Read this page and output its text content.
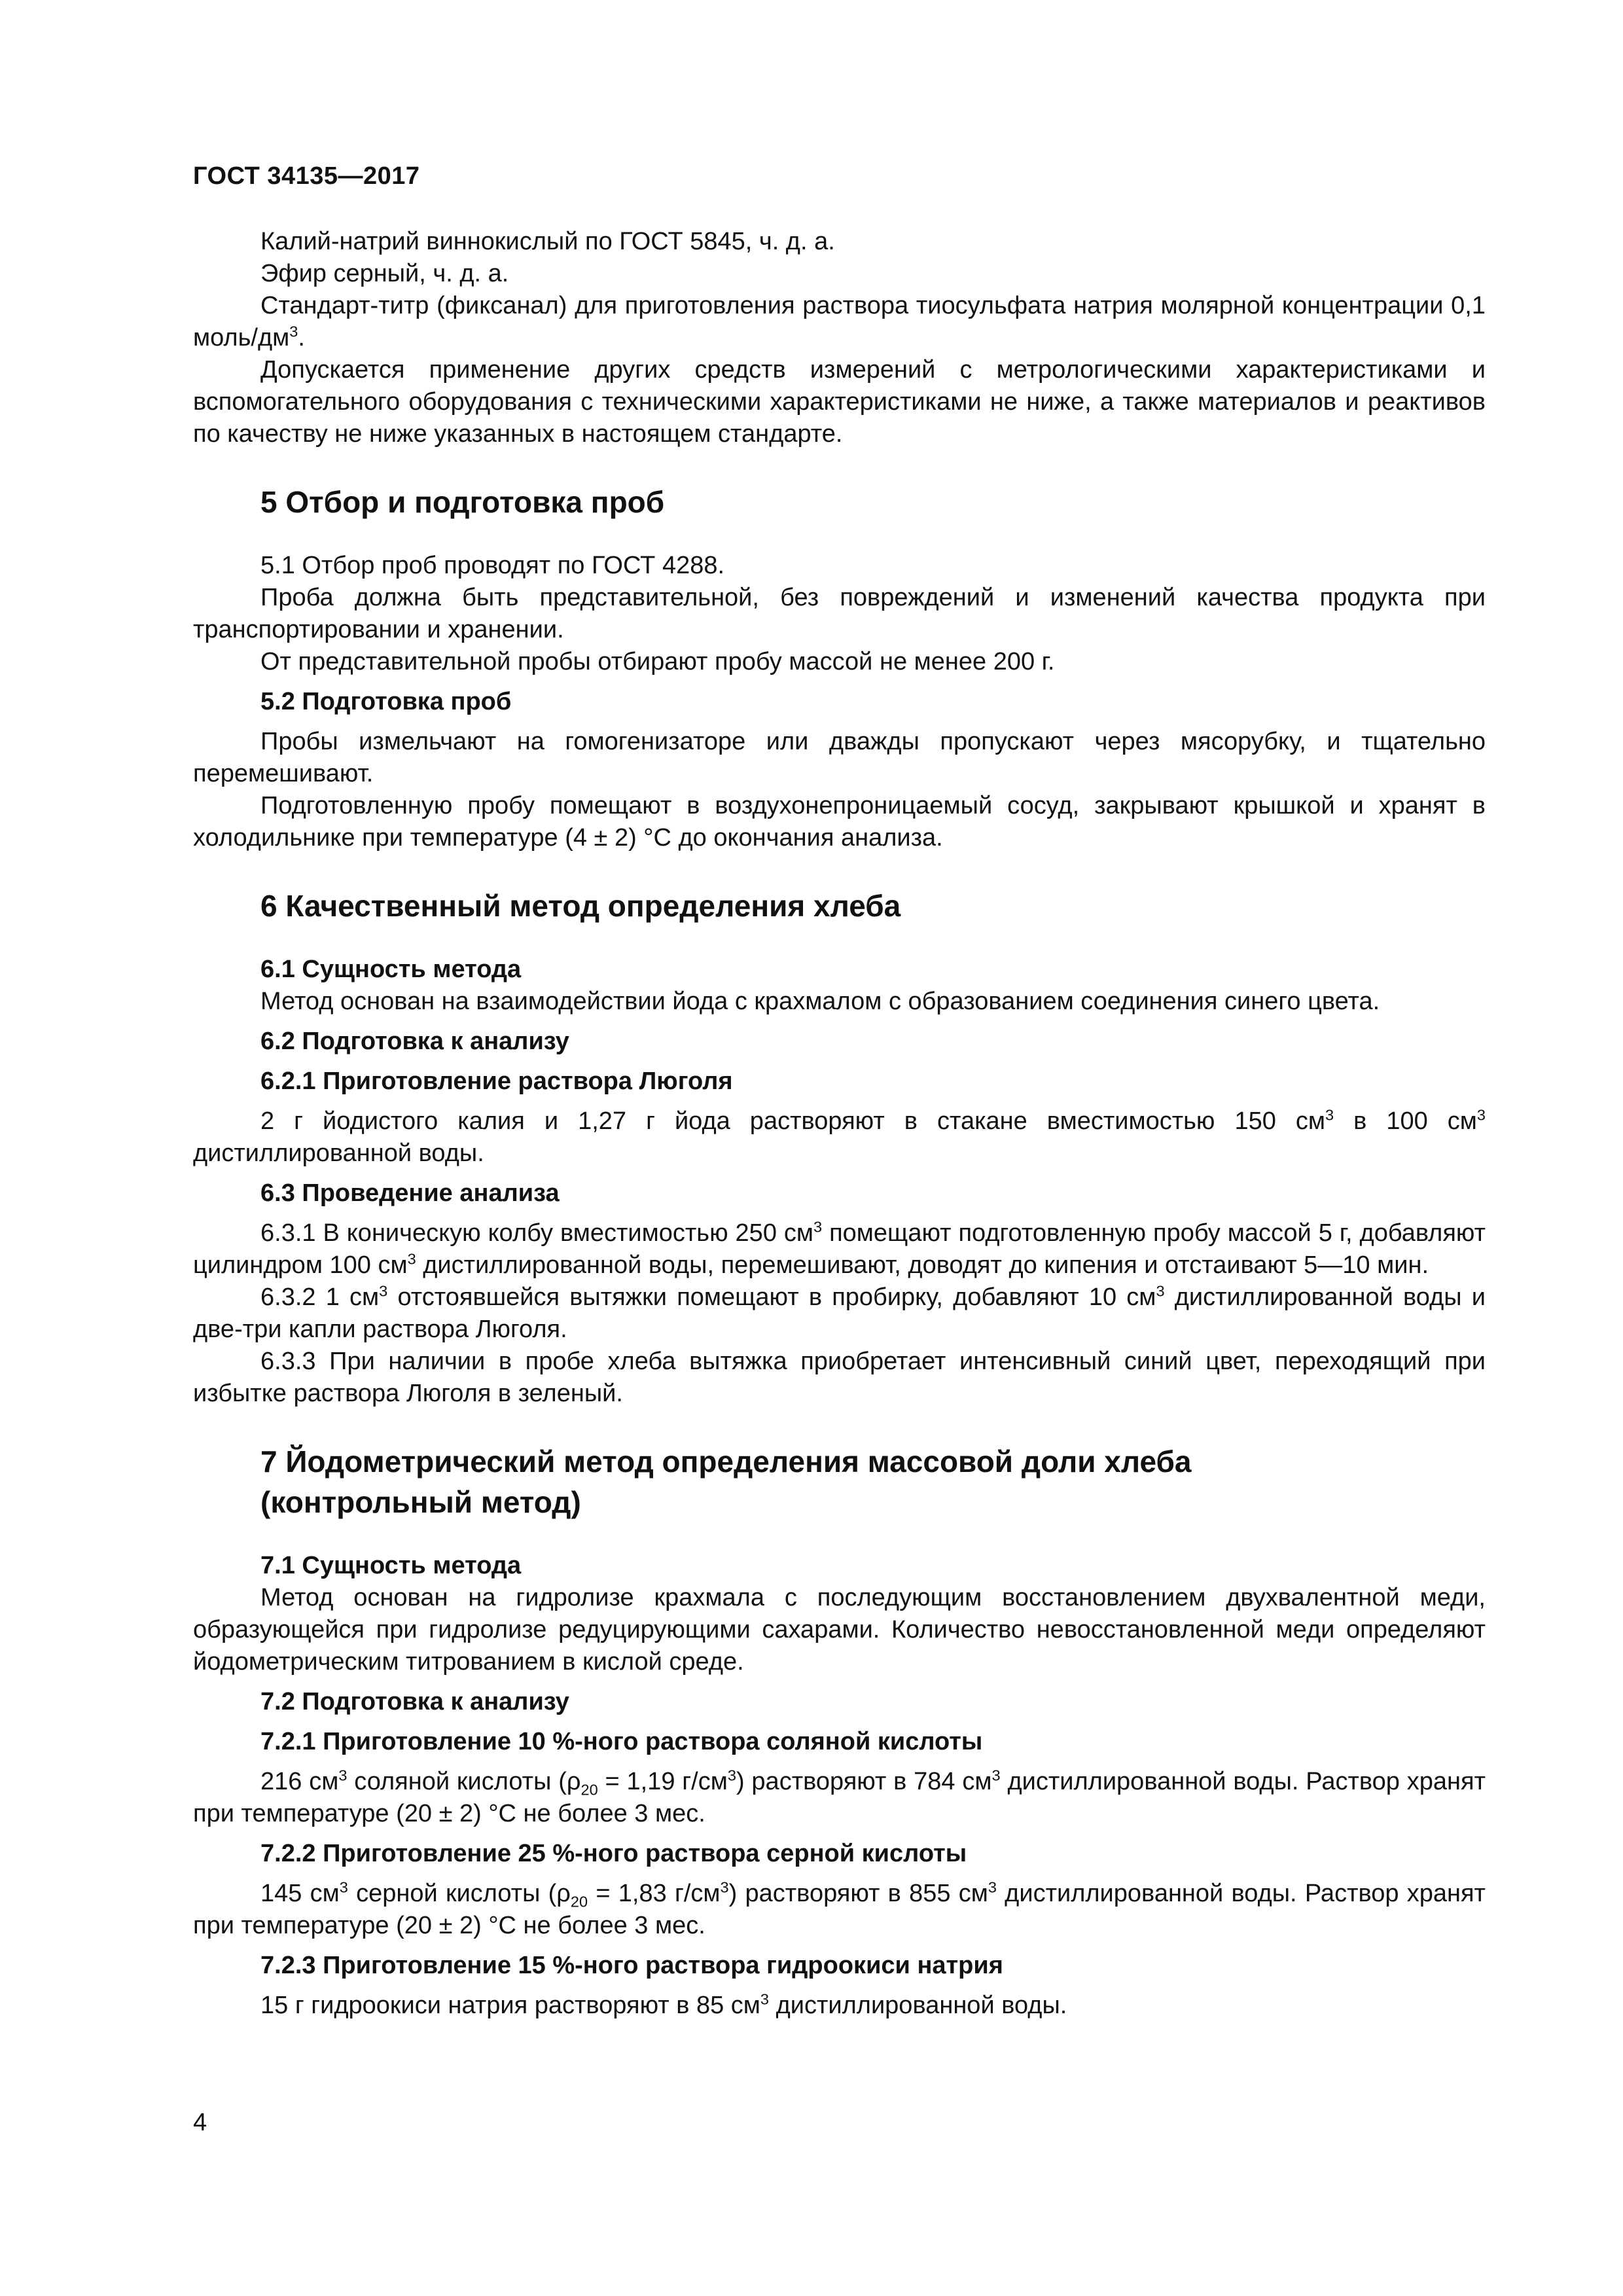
ГОСТ 34135—2017

Калий-натрий виннокислый по ГОСТ 5845, ч. д. а.

Эфир серный, ч. д. а.

Стандарт-титр (фиксанал) для приготовления раствора тиосульфата натрия молярной концентрации 0,1 моль/$дм^3$.

Допускается применение других средств измерений с метрологическими характеристиками и вспомогательного оборудования с техническими характеристиками не ниже, а также материалов и реактивов по качеству не ниже указанных в настоящем стандарте.

5 Отбор и подготовка проб

5.1 Отбор проб проводят по ГОСТ 4288.

Проба должна быть представительной, без повреждений и изменений качества продукта при транспортировании и хранении.

От представительной пробы отбирают пробу массой не менее 200 г.

5.2 Подготовка проб

Пробы измельчают на гомогенизаторе или дважды пропускают через мясорубку, и тщательно перемешивают.

Подготовленную пробу помещают в воздухонепроницаемый сосуд, закрывают крышкой и хранят в холодильнике при температуре (4 ± 2) °С до окончания анализа.

6 Качественный метод определения хлеба
6.1 Сущность метода

Метод основан на взаимодействии йода с крахмалом с образованием соединения синего цвета.

6.2 Подготовка к анализу
6.2.1 Приготовление раствора Люголя

2 г йодистого калия и 1,27 г йода растворяют в стакане вместимостью 150 $см^3$ в 100 $см^3$ дистиллированной воды.

6.3 Проведение анализа

6.3.1 В коническую колбу вместимостью 250 $см^3$ помещают подготовленную пробу массой 5 г, добавляют цилиндром 100 $см^3$ дистиллированной воды, перемешивают, доводят до кипения и отстаивают 5—10 мин.

6.3.2 1 $см^3$ отстоявшейся вытяжки помещают в пробирку, добавляют 10 $см^3$ дистиллированной воды и две-три капли раствора Люголя.

6.3.3 При наличии в пробе хлеба вытяжка приобретает интенсивный синий цвет, переходящий при избытке раствора Люголя в зеленый.

7 Йодометрический метод определения массовой доли хлеба (контрольный метод)
7.1 Сущность метода

Метод основан на гидролизе крахмала с последующим восстановлением двухвалентной меди, образующейся при гидролизе редуцирующими сахарами. Количество невосстановленной меди определяют йодометрическим титрованием в кислой среде.

7.2 Подготовка к анализу
7.2.1 Приготовление 10 %-ного раствора соляной кислоты

216 $см^3$ соляной кислоты ($\rho_{20} = 1,19$ $г/см^3$) растворяют в 784 $см^3$ дистиллированной воды. Раствор хранят при температуре (20 ± 2) °С не более 3 мес.

7.2.2 Приготовление 25 %-ного раствора серной кислоты

145 $см^3$ серной кислоты ($\rho_{20} = 1,83$ $г/см^3$) растворяют в 855 $см^3$ дистиллированной воды. Раствор хранят при температуре (20 ± 2) °С не более 3 мес.

7.2.3 Приготовление 15 %-ного раствора гидроокиси натрия

15 г гидроокиси натрия растворяют в 85 $см^3$ дистиллированной воды.

4
